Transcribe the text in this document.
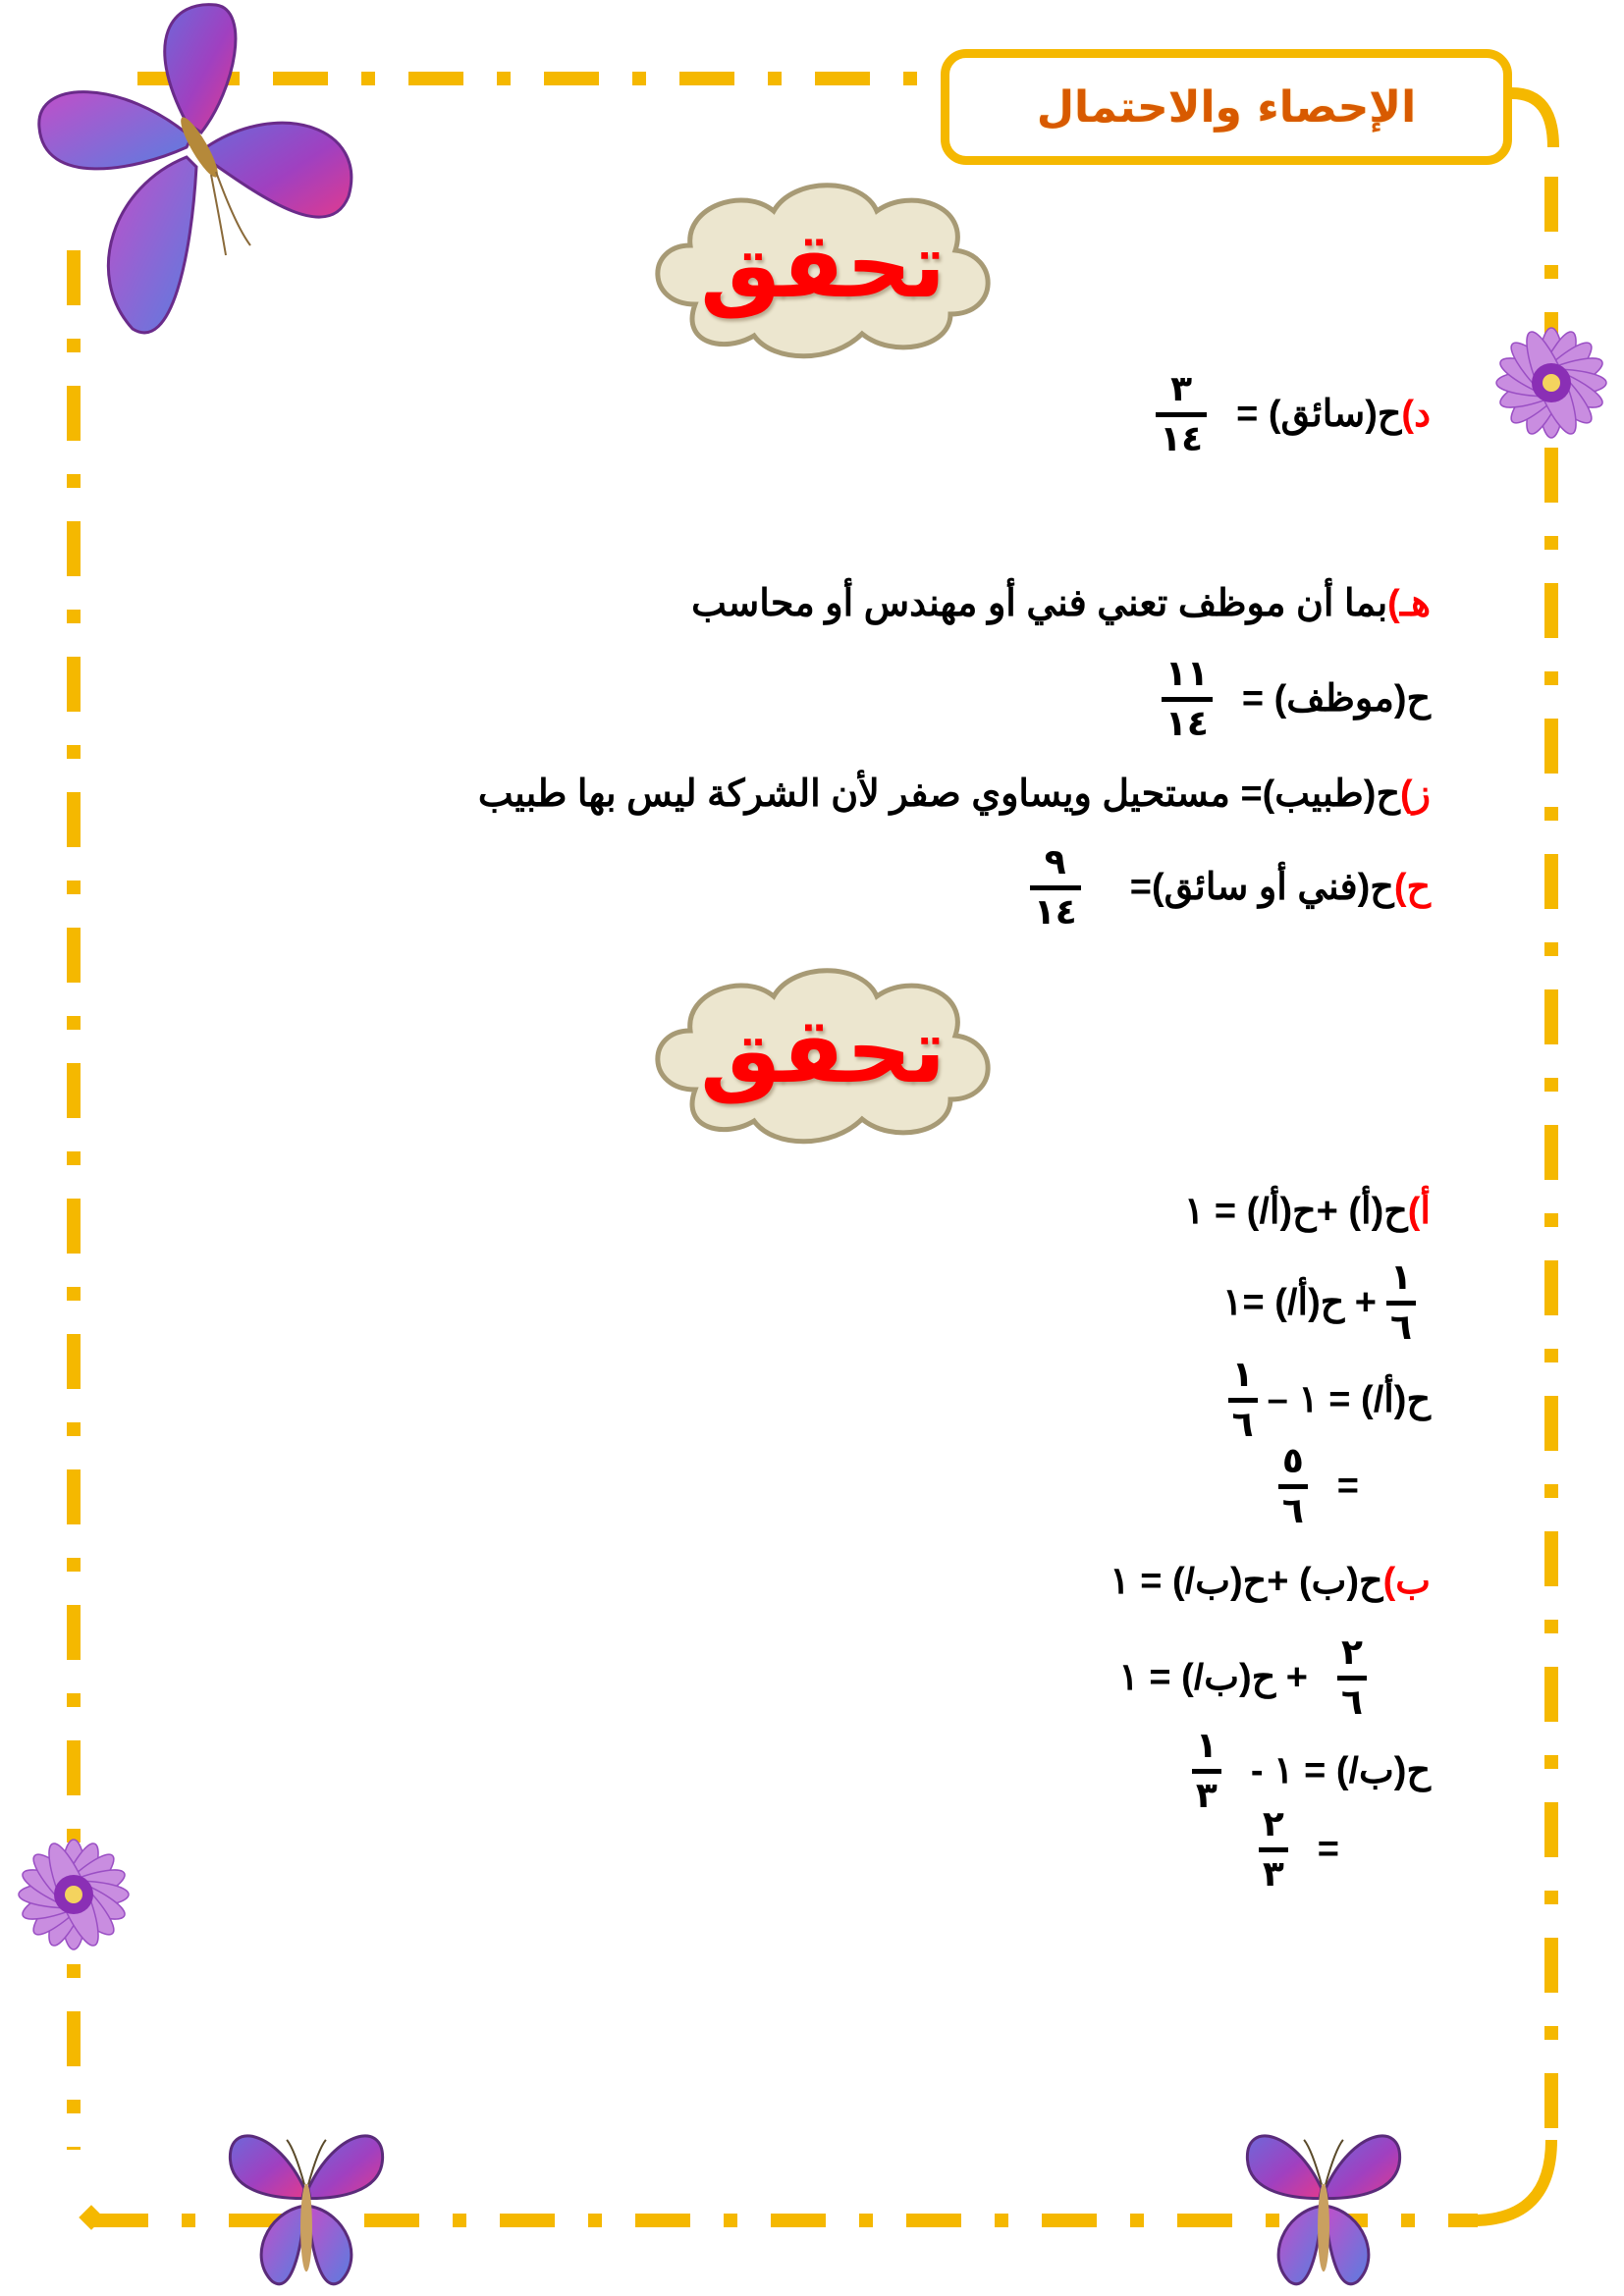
الإحصاء والاحتمال
تحقق
تحقق
د)
ح(سائق) =
٣
١٤
هـ)
بما أن موظف تعني فني أو مهندس أو محاسب
ح(موظف) =
١١
١٤
ز)
ح(طبيب)= مستحيل ويساوي صفر لأن الشركة ليس بها طبيب
ح)
ح(فني أو سائق)=
٩
١٤
أ)
ح(أ) +ح(أ/) = ١
١
٦
+ ح(أ/) =١
ح(أ/) = ١ –
١
٦
=
٥
٦
ب)
ح(ب) +ح(ب/) = ١
٢
٦
+ ح(ب/) = ١
ح(ب/) = ١ -
١
٣
=
٢
٣
